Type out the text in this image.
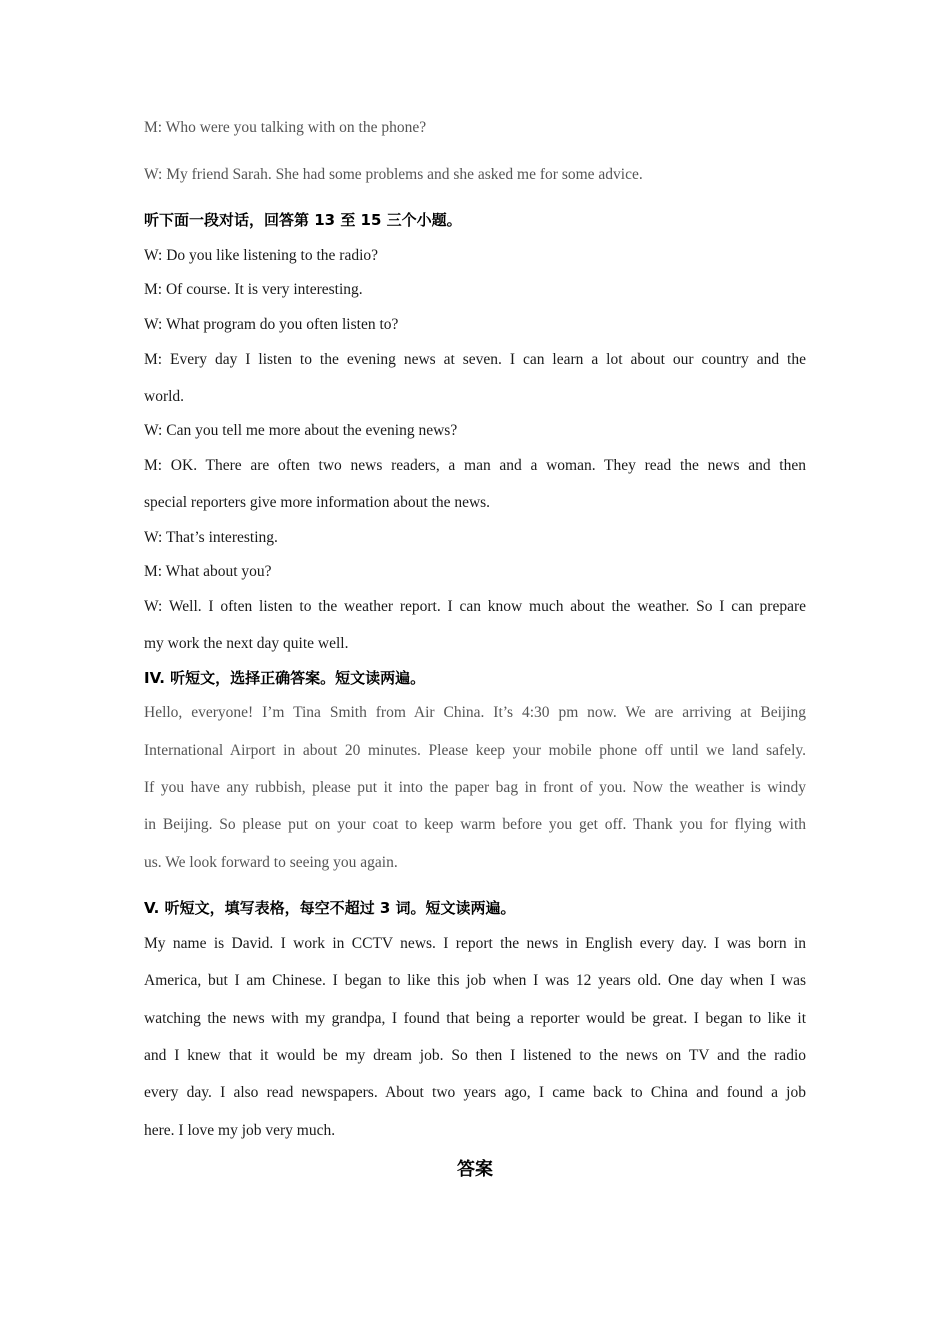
M: Who were you talking with on the phone?
W: My friend Sarah. She had some problems and she asked me for some advice.
听下面一段对话，回答第 13 至 15 三个小题。
W: Do you like listening to the radio?
M: Of course. It is very interesting.
W: What program do you often listen to?
M: Every day I listen to the evening news at seven. I can learn a lot about our country and the
world.
W: Can you tell me more about the evening news?
M: OK. There are often two news readers, a man and a woman. They read the news and then
special reporters give more information about the news.
W: That’s interesting.
M: What about you?
W: Well. I often listen to the weather report. I can know much about the weather. So I can prepare
my work the next day quite well.
IV. 听短文，选择正确答案。短文读两遍。
Hello, everyone! I’m Tina Smith from Air China. It’s 4:30 pm now. We are arriving at Beijing
International Airport in about 20 minutes. Please keep your mobile phone off until we land safely.
If you have any rubbish, please put it into the paper bag in front of you. Now the weather is windy
in Beijing. So please put on your coat to keep warm before you get off. Thank you for flying with
us. We look forward to seeing you again.
V. 听短文，填写表格，每空不超过 3 词。短文读两遍。
My name is David. I work in CCTV news. I report the news in English every day. I was born in
America, but I am Chinese. I began to like this job when I was 12 years old. One day when I was
watching the news with my grandpa, I found that being a reporter would be great. I began to like it
and I knew that it would be my dream job. So then I listened to the news on TV and the radio
every day. I also read newspapers. About two years ago, I came back to China and found a job
here. I love my job very much.
答案
